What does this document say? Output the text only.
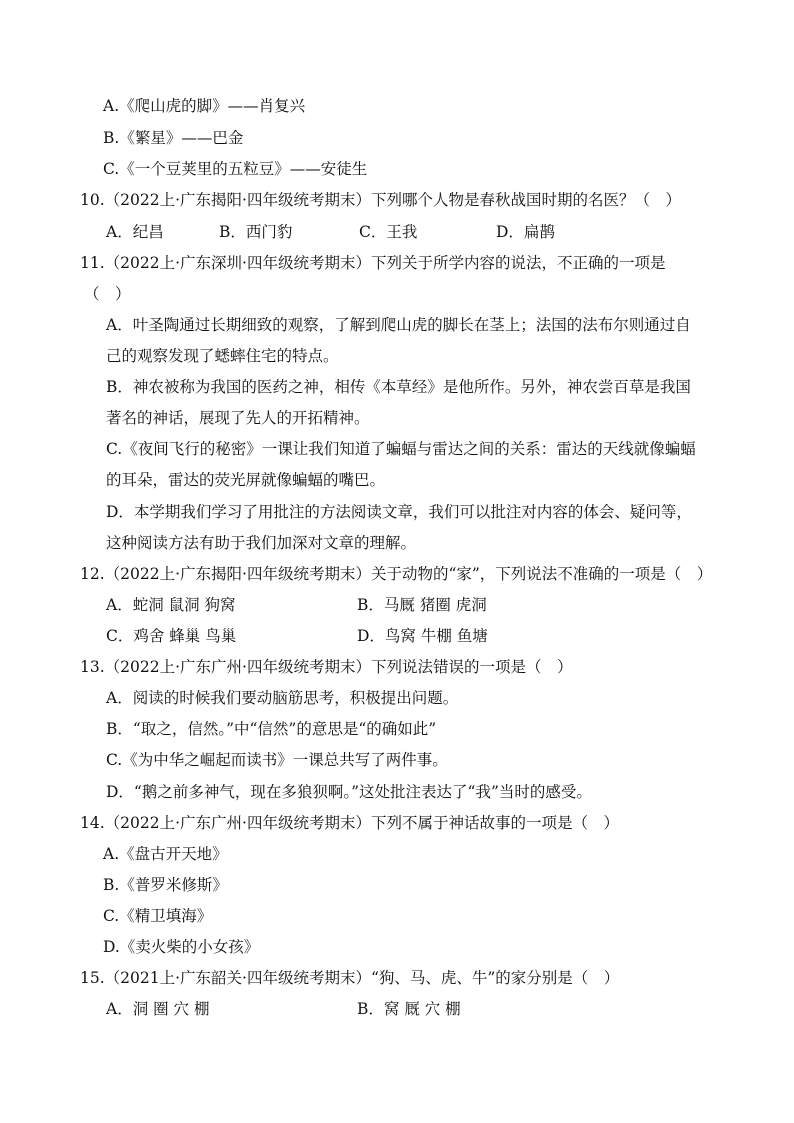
A.《爬山虎的脚》——肖复兴
B.《繁星》——巴金
C.《一个豆荚里的五粒豆》——安徒生
10.（2022上·广东揭阳·四年级统考期末）下列哪个人物是春秋战国时期的名医？（　）
A．纪昌	B．西门豹	C．王我	D．扁鹊
11.（2022上·广东深圳·四年级统考期末）下列关于所学内容的说法，不正确的一项是
（　）
A．叶圣陶通过长期细致的观察，了解到爬山虎的脚长在茎上；法国的法布尔则通过自
己的观察发现了蟋蟀住宅的特点。
B．神农被称为我国的医药之神，相传《本草经》是他所作。另外，神农尝百草是我国
著名的神话，展现了先人的开拓精神。
C.《夜间飞行的秘密》一课让我们知道了蝙蝠与雷达之间的关系：雷达的天线就像蝙蝠
的耳朵，雷达的荧光屏就像蝙蝠的嘴巴。
D．本学期我们学习了用批注的方法阅读文章，我们可以批注对内容的体会、疑问等，
这种阅读方法有助于我们加深对文章的理解。
12.（2022上·广东揭阳·四年级统考期末）关于动物的“家”，下列说法不准确的一项是（　）
A．蛇洞 鼠洞 狗窝	B．马厩 猪圈 虎洞
C．鸡舍 蜂巢 鸟巢	D．鸟窝 牛棚 鱼塘
13.（2022上·广东广州·四年级统考期末）下列说法错误的一项是（　）
A．阅读的时候我们要动脑筋思考，积极提出问题。
B．“取之，信然。”中“信然”的意思是“的确如此”
C.《为中华之崛起而读书》一课总共写了两件事。
D．“鹅之前多神气，现在多狼狈啊。”这处批注表达了“我”当时的感受。
14.（2022上·广东广州·四年级统考期末）下列不属于神话故事的一项是（　）
A.《盘古开天地》
B.《普罗米修斯》
C.《精卫填海》
D.《卖火柴的小女孩》
15.（2021上·广东韶关·四年级统考期末）“狗、马、虎、牛”的家分别是（　）
A．洞 圈 穴 棚	B．窝 厩 穴 棚
